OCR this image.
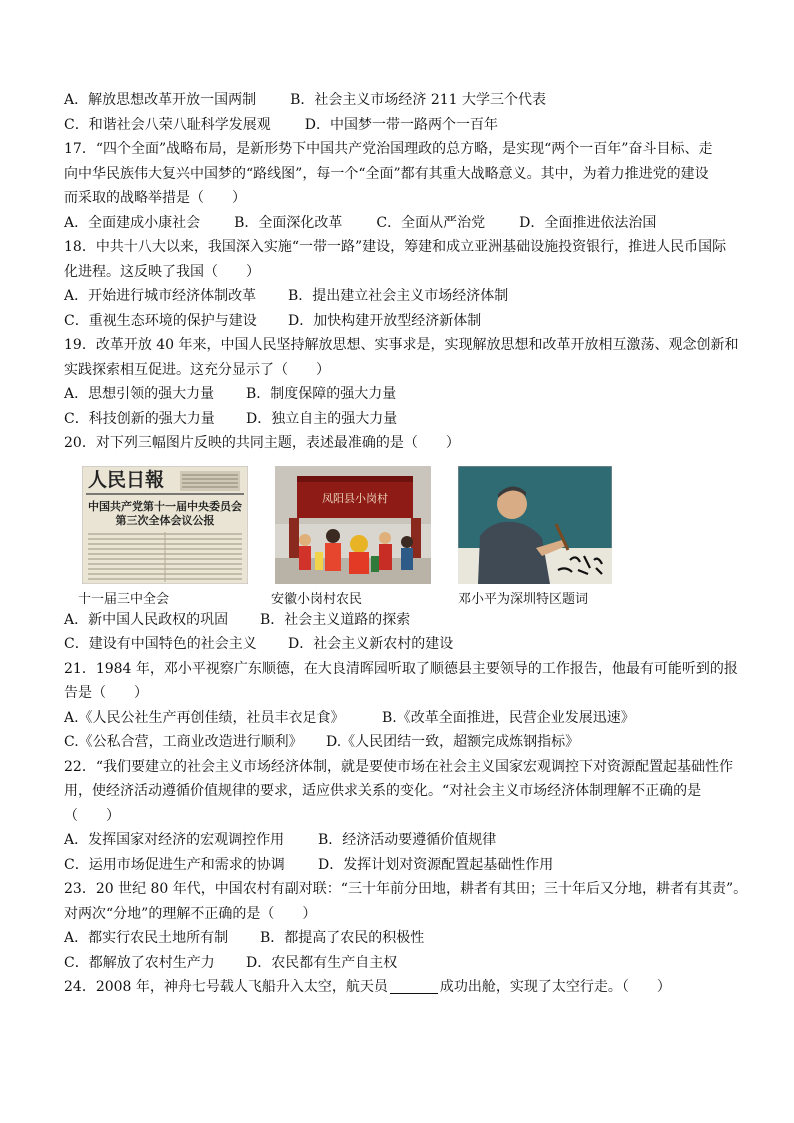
A．解放思想改革开放一国两制 B．社会主义市场经济 211 大学三个代表
C．和谐社会八荣八耻科学发展观 D．中国梦一带一路两个一百年
17．“四个全面”战略布局，是新形势下中国共产党治国理政的总方略，是实现“两个一百年”奋斗目标、走
向中华民族伟大复兴中国梦的“路线图”，每一个“全面”都有其重大战略意义。其中，为着力推进党的建设
而采取的战略举措是（　　）
A．全面建成小康社会 B．全面深化改革 C．全面从严治党 D．全面推进依法治国
18．中共十八大以来，我国深入实施“一带一路”建设，筹建和成立亚洲基础设施投资银行，推进人民币国际
化进程。这反映了我国（　　）
A．开始进行城市经济体制改革 B．提出建立社会主义市场经济体制
C．重视生态环境的保护与建设 D．加快构建开放型经济新体制
19．改革开放 40 年来，中国人民坚持解放思想、实事求是，实现解放思想和改革开放相互激荡、观念创新和
实践探索相互促进。这充分显示了（　　）
A．思想引领的强大力量 B．制度保障的强大力量
C．科技创新的强大力量 D．独立自主的强大力量
20．对下列三幅图片反映的共同主题，表述最准确的是（　　）
人民日報
中国共产党第十一届中央委员会
第三次全体会议公报
凤阳县小岗村
十一届三中全会	安徽小岗村农民	邓小平为深圳特区题词
A．新中国人民政权的巩固 B．社会主义道路的探索
C．建设有中国特色的社会主义 D．社会主义新农村的建设
21．1984 年，邓小平视察广东顺德，在大良清晖园听取了顺德县主要领导的工作报告，他最有可能听到的报
告是（　　）
A.《人民公社生产再创佳绩，社员丰衣足食》	B.《改革全面推进，民营企业发展迅速》
C.《公私合营，工商业改造进行顺利》 D.《人民团结一致，超额完成炼钢指标》
22．“我们要建立的社会主义市场经济体制，就是要使市场在社会主义国家宏观调控下对资源配置起基础性作
用，使经济活动遵循价值规律的要求，适应供求关系的变化。“对社会主义市场经济体制理解不正确的是
（　　）
A．发挥国家对经济的宏观调控作用 B．经济活动要遵循价值规律
C．运用市场促进生产和需求的协调 D．发挥计划对资源配置起基础性作用
23．20 世纪 80 年代，中国农村有副对联：“三十年前分田地，耕者有其田；三十年后又分地，耕者有其责”。
对两次“分地”的理解不正确的是（　　）
A．都实行农民土地所有制 B．都提高了农民的积极性
C．都解放了农村生产力 D．农民都有生产自主权
24．2008 年，神舟七号载人飞船升入太空，航天员	成功出舱，实现了太空行走。（　　）
